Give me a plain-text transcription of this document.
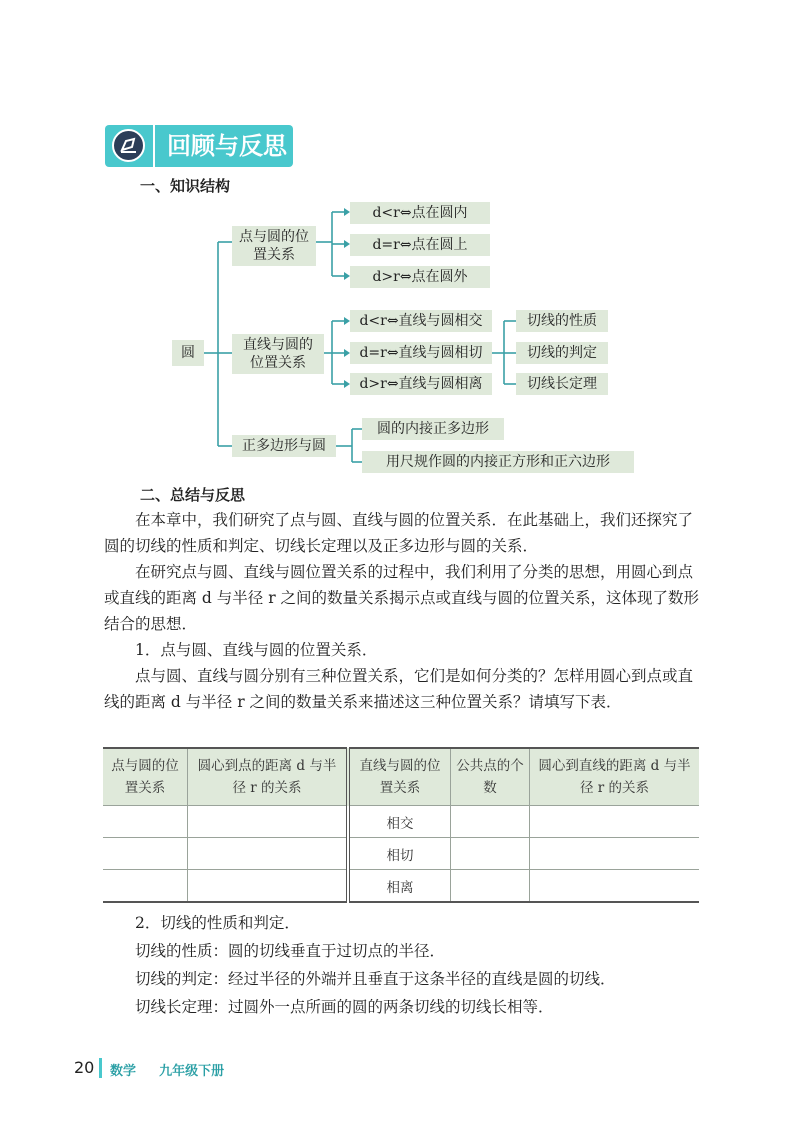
回顾与反思
一、知识结构
圆
点与圆的位置关系
d<r⇔点在圆内
d=r⇔点在圆上
d>r⇔点在圆外
直线与圆的位置关系
d<r⇔直线与圆相交
d=r⇔直线与圆相切
d>r⇔直线与圆相离
切线的性质
切线的判定
切线长定理
正多边形与圆
圆的内接正多边形
用尺规作圆的内接正方形和正六边形
二、总结与反思

在本章中，我们研究了点与圆、直线与圆的位置关系．在此基础上，我们还探究了圆的切线的性质和判定、切线长定理以及正多边形与圆的关系．

在研究点与圆、直线与圆位置关系的过程中，我们利用了分类的思想，用圆心到点或直线的距离 d 与半径 r 之间的数量关系揭示点或直线与圆的位置关系，这体现了数形结合的思想．

1．点与圆、直线与圆的位置关系．

点与圆、直线与圆分别有三种位置关系，它们是如何分类的？怎样用圆心到点或直线的距离 d 与半径 r 之间的数量关系来描述这三种位置关系？请填写下表．

点与圆的位置关系	圆心到点的距离 d 与半径 r 的关系	直线与圆的位置关系	公共点的个数	圆心到直线的距离 d 与半径 r 的关系
		相交		
		相切		
		相离		

2．切线的性质和判定．

切线的性质：圆的切线垂直于过切点的半径．

切线的判定：经过半径的外端并且垂直于这条半径的直线是圆的切线．

切线长定理：过圆外一点所画的圆的两条切线的切线长相等．

20 数学 九年级下册
